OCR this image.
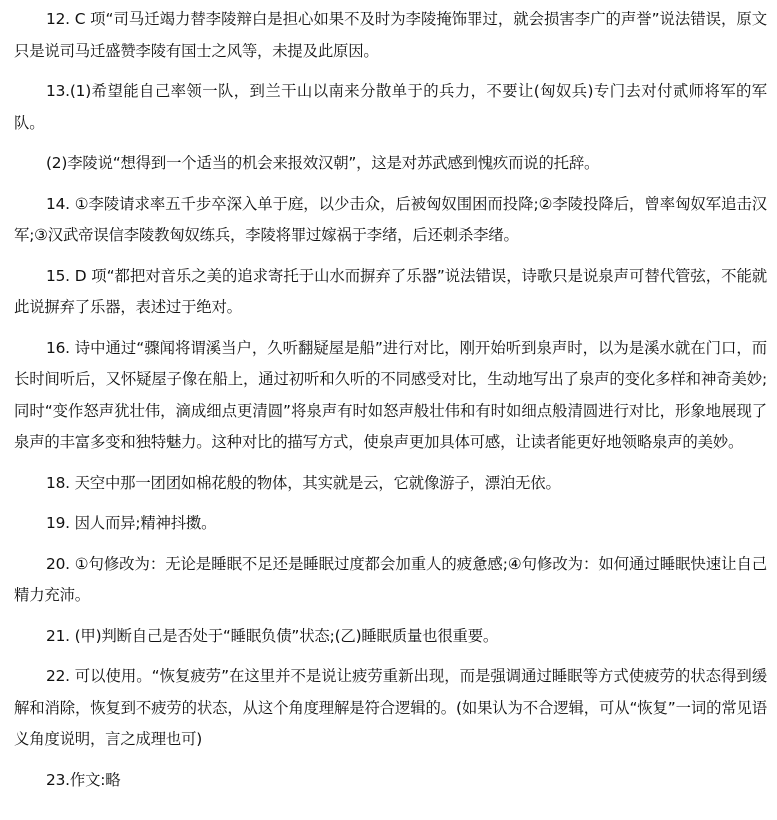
12. C 项“司马迁竭力替李陵辩白是担心如果不及时为李陵掩饰罪过，就会损害李广的声誉”说法错误，原文只是说司马迁盛赞李陵有国士之风等，未提及此原因。

13.(1)希望能自己率领一队，到兰干山以南来分散单于的兵力，不要让(匈奴兵)专门去对付贰师将军的军队。

(2)李陵说“想得到一个适当的机会来报效汉朝”，这是对苏武感到愧疚而说的托辞。

14. ①李陵请求率五千步卒深入单于庭，以少击众，后被匈奴围困而投降;②李陵投降后，曾率匈奴军追击汉军;③汉武帝误信李陵教匈奴练兵，李陵将罪过嫁祸于李绪，后还刺杀李绪。

15. D 项“都把对音乐之美的追求寄托于山水而摒弃了乐器”说法错误，诗歌只是说泉声可替代管弦，不能就此说摒弃了乐器，表述过于绝对。

16. 诗中通过“骤闻将谓溪当户，久听翻疑屋是船”进行对比，刚开始听到泉声时，以为是溪水就在门口，而长时间听后，又怀疑屋子像在船上，通过初听和久听的不同感受对比，生动地写出了泉声的变化多样和神奇美妙;同时“变作怒声犹壮伟，滴成细点更清圆”将泉声有时如怒声般壮伟和有时如细点般清圆进行对比，形象地展现了泉声的丰富多变和独特魅力。这种对比的描写方式，使泉声更加具体可感，让读者能更好地领略泉声的美妙。

18. 天空中那一团团如棉花般的物体，其实就是云，它就像游子，漂泊无依。

19. 因人而异;精神抖擞。

20. ①句修改为：无论是睡眠不足还是睡眠过度都会加重人的疲惫感;④句修改为：如何通过睡眠快速让自己精力充沛。

21. (甲)判断自己是否处于“睡眠负债”状态;(乙)睡眠质量也很重要。

22. 可以使用。“恢复疲劳”在这里并不是说让疲劳重新出现，而是强调通过睡眠等方式使疲劳的状态得到缓解和消除，恢复到不疲劳的状态，从这个角度理解是符合逻辑的。(如果认为不合逻辑，可从“恢复”一词的常见语义角度说明，言之成理也可)

23.作文:略
